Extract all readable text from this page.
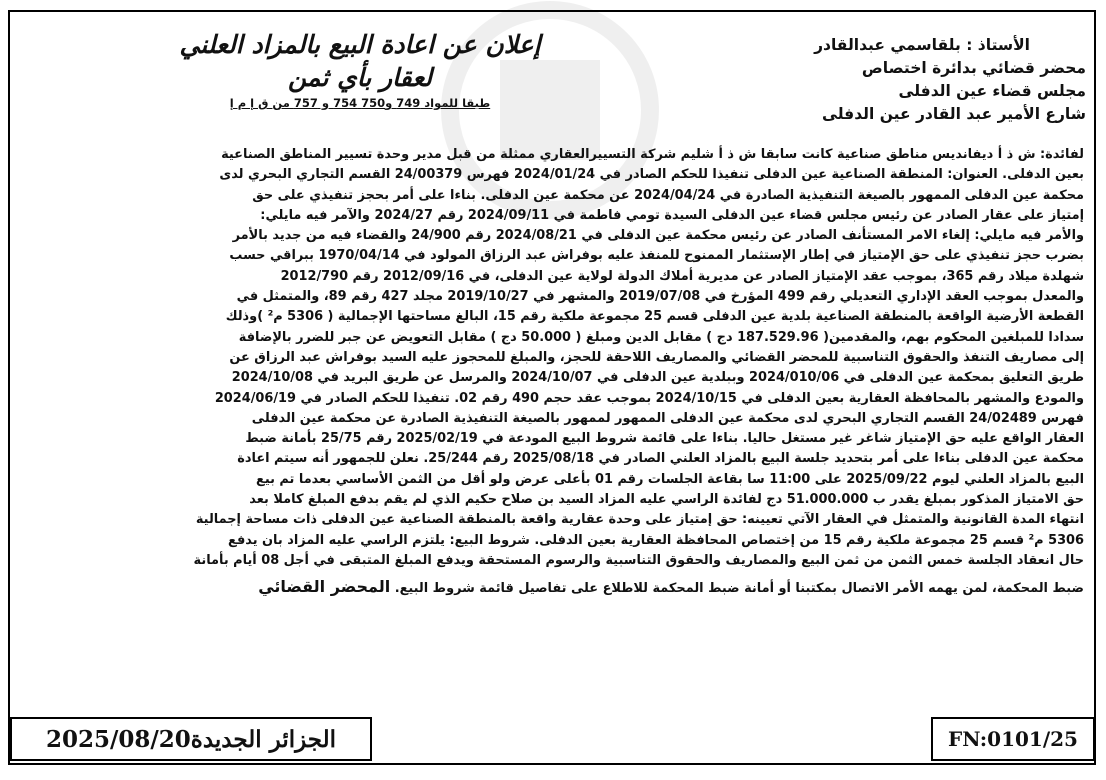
إعلان عن اعادة البيع بالمزاد العلني
لعقار بأي ثمن
طبقا للمواد 749 و750 754 و 757 من ق إ م إ
الأستاذ : بلقاسمي عبدالقادر
محضر قضائي بدائرة اختصاص
مجلس قضاء عين الدفلى
شارع الأمير عبد القادر عين الدفلى
لفائدة: ش ذ أ ديفانديس مناطق صناعية كانت سابقا ش ذ أ شليم شركة التسييرالعقاري ممثلة من قبل مدير وحدة تسيير المناطق الصناعية
بعين الدفلى. العنوان: المنطقة الصناعية عين الدفلى تنفيذا للحكم الصادر في 2024/01/24 فهرس 24/00379 القسم التجاري البحري لدى
محكمة عين الدفلى الممهور بالصيغة التنفيذية الصادرة في 2024/04/24 عن محكمة عين الدفلى. بناءا على أمر بحجز تنفيذي على حق
إمتياز على عقار الصادر عن رئيس مجلس قضاء عين الدفلى السيدة تومي فاطمة في 2024/09/11 رقم 2024/27 والآمر فيه مايلي:
والأمر فيه مايلي: إلغاء الامر المستأنف الصادر عن رئيس محكمة عين الدفلى في 2024/08/21 رقم 24/900 والقضاء فيه من جديد بالأمر
بضرب حجز تنفيذي على حق الإمتياز في إطار الإستثمار الممنوح للمنفذ عليه بوفراش عبد الرزاق المولود في 1970/04/14 ببراقي حسب
شهلدة ميلاد رقم 365، بموجب عقد الإمتياز الصادر عن مديرية أملاك الدولة لولاية عين الدفلى، في 2012/09/16 رقم 2012/790
والمعدل بموجب العقد الإداري التعديلي رقم 499 المؤرخ في 2019/07/08 والمشهر في 2019/10/27 مجلد 427 رقم 89، والمتمثل في
القطعة الأرضية الواقعة بالمنطقة الصناعية بلدية عين الدفلى قسم 25 مجموعة ملكية رقم 15، البالغ مساحتها الإجمالية ( 5306 م² )وذلك
سدادا للمبلغين المحكوم بهم، والمقدمين( 187.529.96 دج ) مقابل الدين ومبلغ ( 50.000 دج ) مقابل التعويض عن جبر للضرر بالإضافة
إلى مصاريف التنفذ والحقوق التناسبية للمحضر القضائي والمصاريف اللاحقة للحجز، والمبلغ للمحجوز عليه السيد بوفراش عبد الرزاق عن
طريق التعليق بمحكمة عين الدفلى في 2024/010/06 وببلدية عين الدفلى في 2024/10/07 والمرسل عن طريق البريد في 2024/10/08
والمودع والمشهر بالمحافظة العقارية بعين الدفلى في 2024/10/15 بموجب عقد حجم 490 رقم 02. تنفيذا للحكم الصادر في 2024/06/19
فهرس 24/02489 القسم التجاري البحري لدى محكمة عين الدفلى الممهور لممهور بالصيغة التنفيذية الصادرة عن محكمة عين الدفلى
العقار الواقع عليه حق الإمتياز شاغر غير مستغل حاليا. بناءا على قائمة شروط البيع المودعة في 2025/02/19 رقم 25/75 بأمانة ضبط
محكمة عين الدفلى بناءا على أمر بتحديد جلسة البيع بالمزاد العلني الصادر في 2025/08/18 رقم 25/244. نعلن للجمهور أنه سيتم اعادة
البيع بالمزاد العلني ليوم 2025/09/22 على 11:00 سا بقاعة الجلسات رقم 01 بأعلى عرض ولو أقل من الثمن الأساسي بعدما تم بيع
حق الامتياز المذكور بمبلغ يقدر ب 51.000.000 دج لفائدة الراسي عليه المزاد السيد بن صلاح حكيم الذي لم يقم بدفع المبلغ كاملا بعد
انتهاء المدة القانونية والمتمثل في العقار الآتي تعيينه: حق إمتياز على وحدة عقارية واقعة بالمنطقة الصناعية عين الدفلى ذات مساحة إجمالية
5306 م² قسم 25 مجموعة ملكية رقم 15 من إختصاص المحافظة العقارية بعين الدفلى. شروط البيع: يلتزم الراسي عليه المزاد بان يدفع
حال انعقاد الجلسة خمس الثمن من ثمن البيع والمصاريف والحقوق التناسبية والرسوم المستحقة ويدفع المبلغ المتبقى في أجل 08 أيام بأمانة
ضبط المحكمة، لمن يهمه الأمر الاتصال بمكتبنا أو أمانة ضبط المحكمة للاطلاع على تفاصيل قائمة شروط البيع. المحضر القضائي
الجزائر الجديدة2025/08/20	FN:0101/25
